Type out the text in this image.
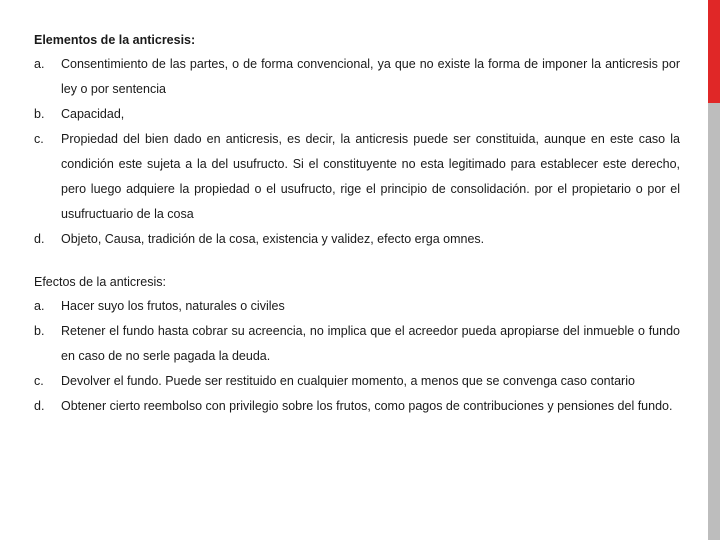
Elementos de la anticresis:
a.	Consentimiento de las partes, o de forma convencional, ya que no existe la forma de imponer la anticresis por ley o por sentencia
b.	Capacidad,
c.	Propiedad del bien dado en anticresis, es decir, la anticresis puede ser constituida, aunque en este caso la condición este sujeta a la del usufructo. Si el constituyente no esta legitimado para establecer este derecho, pero luego adquiere la propiedad o el usufructo, rige el principio de consolidación. por el propietario o por el usufructuario de la cosa
d.	Objeto, Causa, tradición de la cosa, existencia y validez, efecto erga omnes.
Efectos de la anticresis:
a.	Hacer suyo los frutos, naturales o civiles
b.	Retener el fundo hasta cobrar su acreencia, no implica que el acreedor pueda apropiarse del inmueble o fundo en caso de no serle pagada la deuda.
c.	Devolver el fundo. Puede ser restituido en cualquier momento, a menos que se convenga caso contario
d.	Obtener cierto reembolso con privilegio sobre los frutos, como pagos de contribuciones y pensiones del fundo.
